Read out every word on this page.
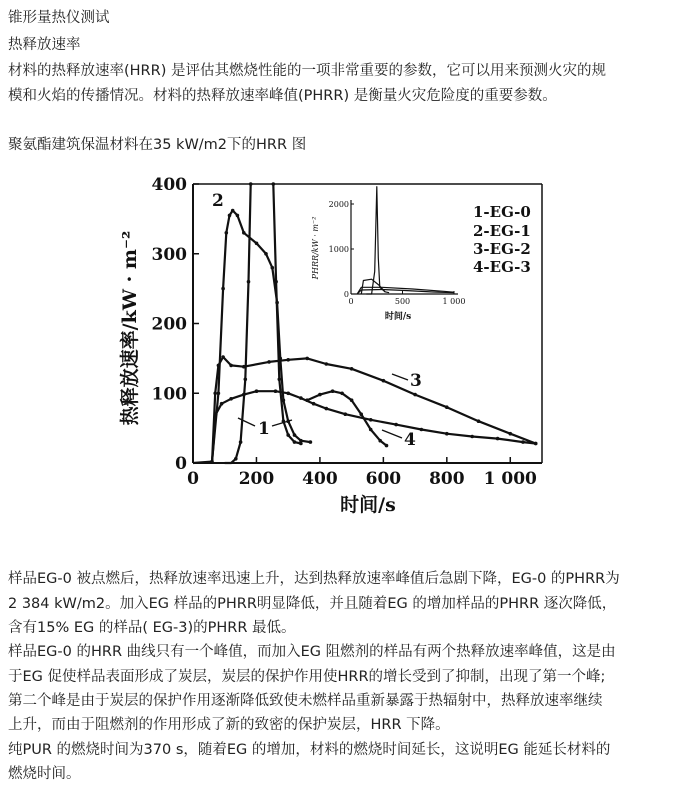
锥形量热仪测试
热释放速率
材料的热释放速率(HRR) 是评估其燃烧性能的一项非常重要的参数，它可以用来预测火灾的规
模和火焰的传播情况。材料的热释放速率峰值(PHRR) 是衡量火灾危险度的重要参数。
聚氨酯建筑保温材料在35 kW/m2下的HRR 图
0
100
200
300
400
0 200 400 600 800 1 000
热释放速率/kW · m⁻²
时间/s
2
3
4
1
1-EG-0
2-EG-1
3-EG-2
4-EG-3
0
1000
2000
0	500	1 000
PHRR/kW · m⁻²
时间/s
样品EG-0 被点燃后，热释放速率迅速上升，达到热释放速率峰值后急剧下降，EG-0 的PHRR为
2 384 kW/m2。加入EG 样品的PHRR明显降低，并且随着EG 的增加样品的PHRR 逐次降低，
含有15% EG 的样品( EG-3)的PHRR 最低。
样品EG-0 的HRR 曲线只有一个峰值，而加入EG 阻燃剂的样品有两个热释放速率峰值，这是由
于EG 促使样品表面形成了炭层，炭层的保护作用使HRR的增长受到了抑制，出现了第一个峰;
第二个峰是由于炭层的保护作用逐渐降低致使未燃样品重新暴露于热辐射中，热释放速率继续
上升，而由于阻燃剂的作用形成了新的致密的保护炭层，HRR 下降。
纯PUR 的燃烧时间为370 s，随着EG 的增加，材料的燃烧时间延长，这说明EG 能延长材料的
燃烧时间。
